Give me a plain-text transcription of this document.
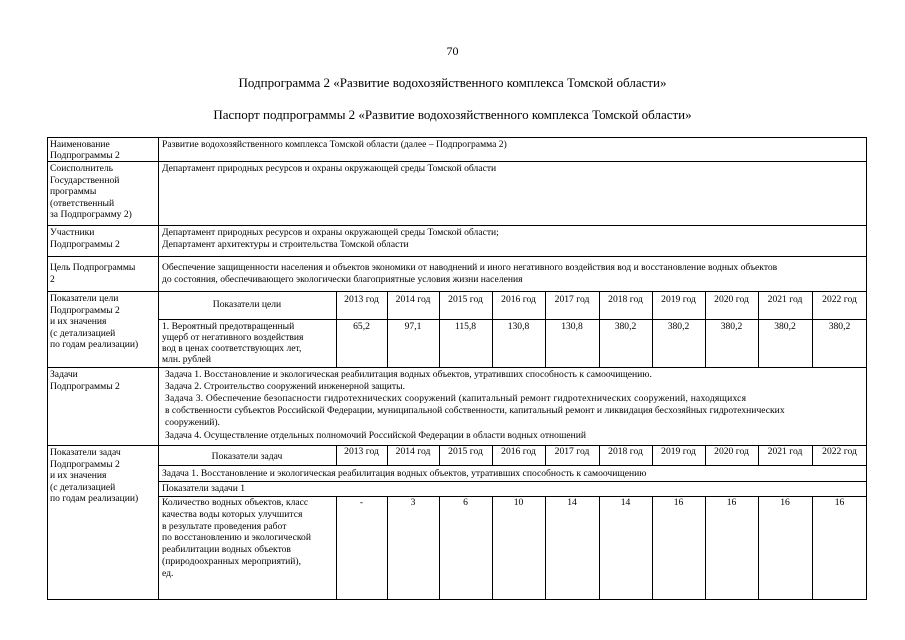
70
Подпрограмма 2 «Развитие водохозяйственного комплекса Томской области»
Паспорт подпрограммы 2 «Развитие водохозяйственного комплекса Томской области»
Наименование
Подпрограммы 2
Развитие водохозяйственного комплекса Томской области (далее – Подпрограмма 2)
Соисполнитель
Государственной
программы
(ответственный
за Подпрограмму 2)
Департамент природных ресурсов и охраны окружающей среды Томской области
Участники
Подпрограммы 2
Департамент природных ресурсов и охраны окружающей среды Томской области;
Департамент архитектуры и строительства Томской области
Цель Подпрограммы
2
Обеспечение защищенности населения и объектов экономики от наводнений и иного негативного воздействия вод и восстановление водных объектов
до состояния, обеспечивающего экологически благоприятные условия жизни населения
Показатели цели
Подпрограммы 2
и их значения
(с детализацией
по годам реализации)
Показатели цели	2013 год
65,2
2014 год
97,1
2015 год
115,8
2016 год
130,8
2017 год
130,8
2018 год
380,2
2019 год
380,2
2020 год
380,2
2021 год
380,2
2022 год
380,2
1. Вероятный предотвращенный
ущерб от негативного воздействия
вод в ценах соответствующих лет,
млн. рублей
Задачи
Подпрограммы 2
Задача 1. Восстановление и экологическая реабилитация водных объектов, утративших способность к самоочищению.
Задача 2. Строительство сооружений инженерной защиты.
Задача 3. Обеспечение безопасности гидротехнических сооружений (капитальный ремонт гидротехнических сооружений, находящихся
в собственности субъектов Российской Федерации, муниципальной собственности, капитальный ремонт и ликвидация бесхозяйных гидротехнических
сооружений).
Задача 4. Осуществление отдельных полномочий Российской Федерации в области водных отношений
Показатели задач
Подпрограммы 2
и их значения
(с детализацией
по годам реализации)
Показатели задач	2013 год
-
2014 год
3
2015 год
6
2016 год
10
2017 год
14
2018 год
14
2019 год
16
2020 год
16
2021 год
16
2022 год
16
Задача 1. Восстановление и экологическая реабилитация водных объектов, утративших способность к самоочищению
Показатели задачи 1
Количество водных объектов, класс
качества воды которых улучшится
в результате проведения работ
по восстановлению и экологической
реабилитации водных объектов
(природоохранных мероприятий),
ед.
